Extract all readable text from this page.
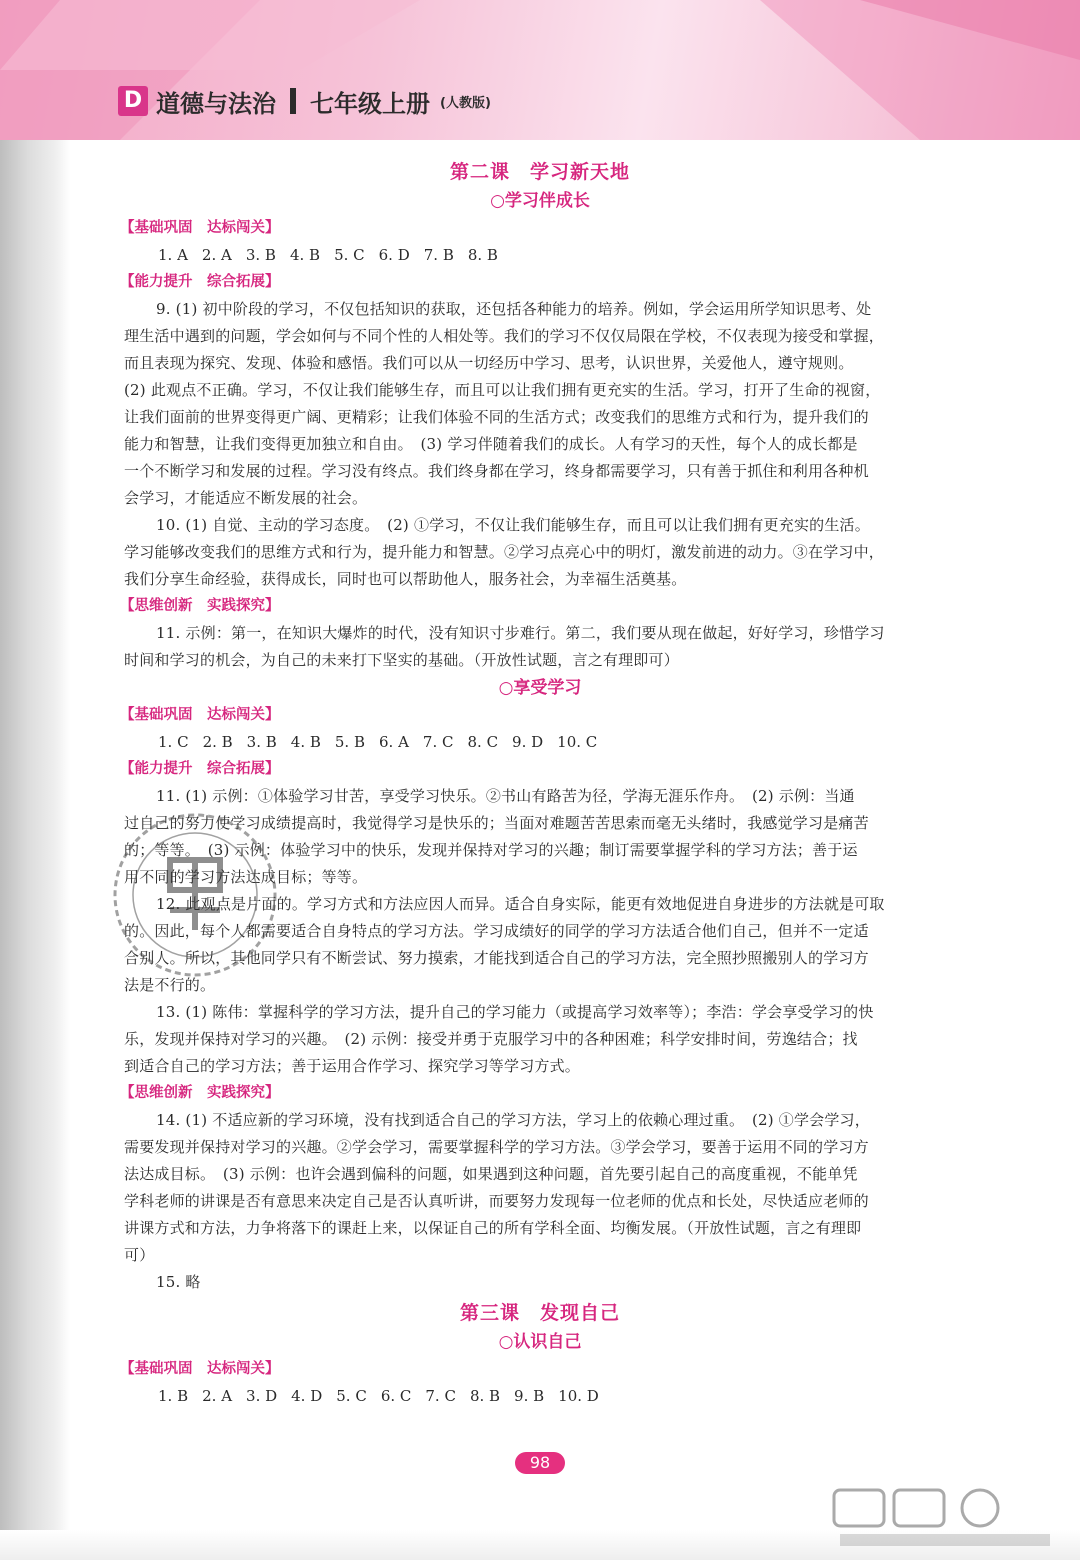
D 道德与法治 七年级上册 (人教版)
第二课　学习新天地
○学习伴成长
【基础巩固　达标闯关】
1. A 2. A 3. B 4. B 5. C 6. D 7. B 8. B
【能力提升　综合拓展】
9. (1) 初中阶段的学习，不仅包括知识的获取，还包括各种能力的培养。例如，学会运用所学知识思考、处
理生活中遇到的问题，学会如何与不同个性的人相处等。我们的学习不仅仅局限在学校，不仅表现为接受和掌握，
而且表现为探究、发现、体验和感悟。我们可以从一切经历中学习、思考，认识世界，关爱他人，遵守规则。
(2) 此观点不正确。学习，不仅让我们能够生存，而且可以让我们拥有更充实的生活。学习，打开了生命的视窗，
让我们面前的世界变得更广阔、更精彩；让我们体验不同的生活方式；改变我们的思维方式和行为，提升我们的
能力和智慧，让我们变得更加独立和自由。　(3) 学习伴随着我们的成长。人有学习的天性，每个人的成长都是
一个不断学习和发展的过程。学习没有终点。我们终身都在学习，终身都需要学习，只有善于抓住和利用各种机
会学习，才能适应不断发展的社会。
10. (1) 自觉、主动的学习态度。　(2) ①学习，不仅让我们能够生存，而且可以让我们拥有更充实的生活。
学习能够改变我们的思维方式和行为，提升能力和智慧。②学习点亮心中的明灯，激发前进的动力。③在学习中，
我们分享生命经验，获得成长，同时也可以帮助他人，服务社会，为幸福生活奠基。
【思维创新　实践探究】
11. 示例：第一，在知识大爆炸的时代，没有知识寸步难行。第二，我们要从现在做起，好好学习，珍惜学习
时间和学习的机会，为自己的未来打下坚实的基础。（开放性试题，言之有理即可）
○享受学习
【基础巩固　达标闯关】
1. C 2. B 3. B 4. B 5. B 6. A 7. C 8. C 9. D 10. C
【能力提升　综合拓展】
11. (1) 示例：①体验学习甘苦，享受学习快乐。②书山有路苦为径，学海无涯乐作舟。　(2) 示例：当通
过自己的努力使学习成绩提高时，我觉得学习是快乐的；当面对难题苦苦思索而毫无头绪时，我感觉学习是痛苦
的；等等。　(3) 示例：体验学习中的快乐，发现并保持对学习的兴趣；制订需要掌握学科的学习方法；善于运
用不同的学习方法达成目标；等等。
12. 此观点是片面的。学习方式和方法应因人而异。适合自身实际，能更有效地促进自身进步的方法就是可取
的。因此，每个人都需要适合自身特点的学习方法。学习成绩好的同学的学习方法适合他们自己，但并不一定适
合别人。所以，其他同学只有不断尝试、努力摸索，才能找到适合自己的学习方法，完全照抄照搬别人的学习方
法是不行的。
13. (1) 陈伟：掌握科学的学习方法，提升自己的学习能力（或提高学习效率等）；李浩：学会享受学习的快
乐，发现并保持对学习的兴趣。　(2) 示例：接受并勇于克服学习中的各种困难；科学安排时间，劳逸结合；找
到适合自己的学习方法；善于运用合作学习、探究学习等学习方式。
【思维创新　实践探究】
14. (1) 不适应新的学习环境，没有找到适合自己的学习方法，学习上的依赖心理过重。　(2) ①学会学习，
需要发现并保持对学习的兴趣。②学会学习，需要掌握科学的学习方法。③学会学习，要善于运用不同的学习方
法达成目标。　(3) 示例：也许会遇到偏科的问题，如果遇到这种问题，首先要引起自己的高度重视，不能单凭
学科老师的讲课是否有意思来决定自己是否认真听讲，而要努力发现每一位老师的优点和长处，尽快适应老师的
讲课方式和方法，力争将落下的课赶上来，以保证自己的所有学科全面、均衡发展。（开放性试题，言之有理即
可）
15. 略
第三课　发现自己
○认识自己
【基础巩固　达标闯关】
1. B 2. A 3. D 4. D 5. C 6. C 7. C 8. B 9. B 10. D
98
